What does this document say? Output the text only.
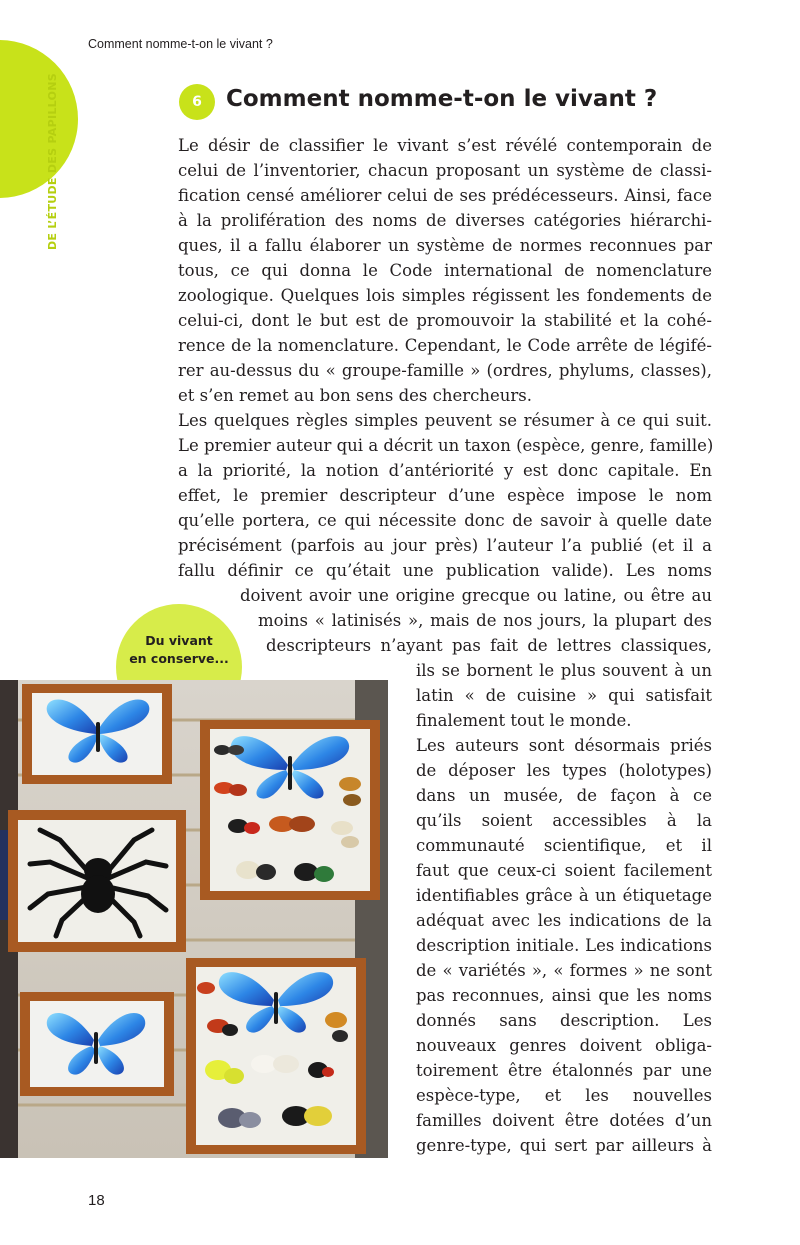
DE L’ÉTUDE DES PAPILLONS
Comment nomme-t-on le vivant ?
6	Comment nomme-t-on le vivant ?
Le désir de classifier le vivant s’est révélé contemporain de
celui de l’inventorier, chacun proposant un système de classi-
fication censé améliorer celui de ses prédécesseurs. Ainsi, face
à la prolifération des noms de diverses catégories hiérarchi-
ques, il a fallu élaborer un système de normes reconnues par
tous, ce qui donna le Code international de nomenclature
zoologique. Quelques lois simples régissent les fondements de
celui-ci, dont le but est de promouvoir la stabilité et la cohé-
rence de la nomenclature. Cependant, le Code arrête de légifé-
rer au-dessus du « groupe-famille » (ordres, phylums, classes),
et s’en remet au bon sens des chercheurs.
Les quelques règles simples peuvent se résumer à ce qui suit.
Le premier auteur qui a décrit un taxon (espèce, genre, famille)
a la priorité, la notion d’antériorité y est donc capitale. En
effet, le premier descripteur d’une espèce impose le nom
qu’elle portera, ce qui nécessite donc de savoir à quelle date
précisément (parfois au jour près) l’auteur l’a publié (et il a
fallu définir ce qu’était une publication valide). Les noms
doivent avoir une origine grecque ou latine, ou être au
moins « latinisés », mais de nos jours, la plupart des
descripteurs n’ayant pas fait de lettres classiques,
ils se bornent le plus souvent à un
latin « de cuisine » qui satisfait
finalement tout le monde.
Les auteurs sont désormais priés
de déposer les types (holotypes)
dans un musée, de façon à ce
qu’ils soient accessibles à la
communauté scientifique, et il
faut que ceux-ci soient facilement
identifiables grâce à un étiquetage
adéquat avec les indications de la
description initiale. Les indications
de « variétés », « formes » ne sont
pas reconnues, ainsi que les noms
donnés sans description. Les
nouveaux genres doivent obliga-
toirement être étalonnés par une
espèce-type, et les nouvelles
familles doivent être dotées d’un
genre-type, qui sert par ailleurs à
Du vivant
en conserve...
18
